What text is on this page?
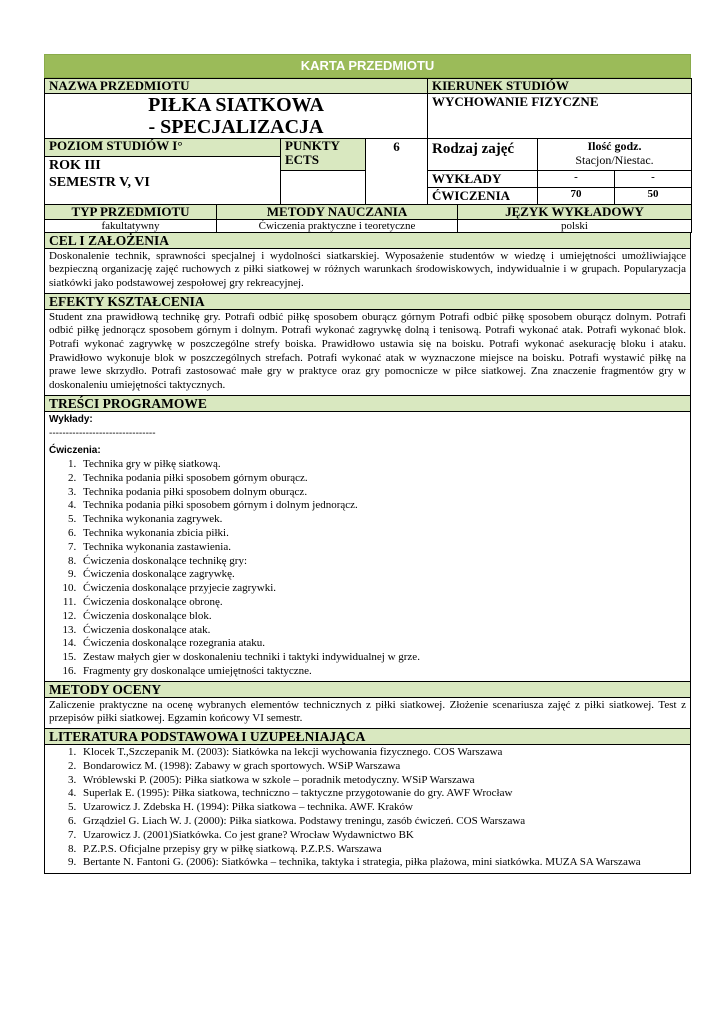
KARTA PRZEDMIOTU
NAZWA PRZEDMIOTU	KIERUNEK STUDIÓW

PIŁKA SIATKOWA
- SPECJALIZACJA	WYCHOWANIE FIZYCZNE
POZIOM STUDIÓW I°	PUNKTY ECTS	6	Rodzaj zajęć	Ilość godz.
Stacjon/Niestac.	

ROK III
SEMESTR V, VI					

			WYKŁADY	-	-
			ĆWICZENIA	70	50
TYP PRZEDMIOTU	METODY NAUCZANIA	JĘZYK WYKŁADOWY
fakultatywny	Ćwiczenia praktyczne i teoretyczne	polski
CEL I ZAŁOŻENIA
Doskonalenie technik, sprawności specjalnej i wydolności siatkarskiej. Wyposażenie studentów w wiedzę i umiejętności umożliwiające bezpieczną organizację zajęć ruchowych z piłki siatkowej w różnych warunkach środowiskowych, indywidualnie i w grupach. Popularyzacja siatkówki jako podstawowej zespołowej gry rekreacyjnej.
EFEKTY KSZTAŁCENIA
Student zna prawidłową technikę gry. Potrafi odbić piłkę sposobem oburącz górnym Potrafi odbić piłkę sposobem oburącz dolnym. Potrafi odbić piłkę jednorącz sposobem górnym i dolnym. Potrafi wykonać zagrywkę dolną i tenisową. Potrafi wykonać atak. Potrafi wykonać blok. Potrafi wykonać zagrywkę w poszczególne strefy boiska. Prawidłowo ustawia się na boisku. Potrafi wykonać asekurację bloku i ataku. Prawidłowo wykonuje blok w poszczególnych strefach. Potrafi wykonać atak w wyznaczone miejsce na boisku. Potrafi wystawić piłkę na prawe lewe skrzydło. Potrafi zastosować małe gry w praktyce oraz gry pomocnicze w piłce siatkowej. Zna znaczenie fragmentów gry w doskonaleniu umiejętności taktycznych.
TREŚCI PROGRAMOWE
Wykłady:
--------------------------------
Ćwiczenia:
1. Technika gry w piłkę siatkową.
2. Technika podania piłki sposobem górnym oburącz.
3. Technika podania piłki sposobem dolnym oburącz.
4. Technika podania piłki sposobem górnym i dolnym jednorącz.
5. Technika wykonania zagrywek.
6. Technika wykonania zbicia piłki.
7. Technika wykonania zastawienia.
8. Ćwiczenia doskonalące technikę gry:
9. Ćwiczenia doskonalące zagrywkę.
10. Ćwiczenia doskonalące przyjecie zagrywki.
11. Ćwiczenia doskonalące obronę.
12. Ćwiczenia doskonalące blok.
13. Ćwiczenia doskonalące atak.
14. Ćwiczenia doskonalące rozegrania ataku.
15. Zestaw małych gier w doskonaleniu techniki i taktyki indywidualnej w grze.
16. Fragmenty gry doskonalące umiejętności taktyczne.
METODY OCENY
Zaliczenie praktyczne na ocenę wybranych elementów technicznych z piłki siatkowej. Złożenie scenariusza zajęć z piłki siatkowej. Test z przepisów piłki siatkowej. Egzamin końcowy VI semestr.
LITERATURA PODSTAWOWA I UZUPEŁNIAJĄCA
1. Klocek T.,Szczepanik M. (2003): Siatkówka na lekcji wychowania fizycznego. COS Warszawa
2. Bondarowicz M. (1998): Zabawy w grach sportowych. WSiP Warszawa
3. Wróblewski P. (2005): Piłka siatkowa w szkole – poradnik metodyczny. WSiP Warszawa
4. Superlak E. (1995): Piłka siatkowa, techniczno – taktyczne przygotowanie do gry. AWF Wrocław
5. Uzarowicz J. Zdebska H. (1994): Piłka siatkowa – technika. AWF. Kraków
6. Grządziel G. Liach W. J. (2000): Piłka siatkowa. Podstawy treningu, zasób ćwiczeń. COS Warszawa
7. Uzarowicz J. (2001)Siatkówka. Co jest grane? Wrocław Wydawnictwo BK
8. P.Z.P.S. Oficjalne przepisy gry w piłkę siatkową. P.Z.P.S. Warszawa
9. Bertante N. Fantoni G. (2006): Siatkówka – technika, taktyka i strategia, piłka plażowa, mini siatkówka. MUZA SA Warszawa
